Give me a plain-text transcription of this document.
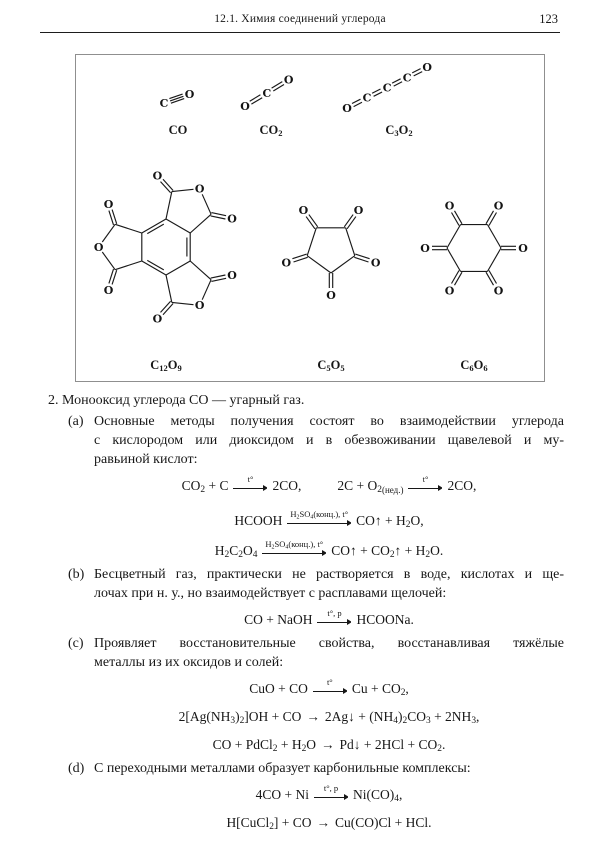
12.1. Химия соединений углерода	123
C
O
O
C
O
O
C
C
C
O
O
O
O
O
O
O
O
O
O
O
O
O
O
O
O
O
O
O
O	O
CO	$CO_2$	$C_3O_2$
$C_{12}O_9$	$C_5O_5$	$C_6O_6$
2. Монооксид углерода CO — угарный газ.
(a) Основные методы получения состоят во взаимодействии углерода
с кислородом или диоксидом и в обезвоживании щавелевой и му-
равьиной кислот:
$CO_2 + C$	t°	2CO,	$2C + O_{2(нед.)}$
t°	2CO,
HCOOH $H_2SO_4(конц.)$, t° CO↑ + $H_2O$,
$H_2C_2O_4$
$H_2SO_4(конц.)$, t° CO↑ + $CO_2↑ + H_2O$.
(b) Бесцветный газ, практически не растворяется в воде, кислотах и ще-
лочах при н. у., но взаимодействует с расплавами щелочей:
CO + NaOH	t°, p	HCOONa.
(c) Проявляет восстановительные свойства, восстанавливая тяжёлые
металлы из их оксидов и солей:
CuO + CO	t°	$Cu + CO_2$,
$2[Ag(NH_3)_2]OH$ + CO → 2Ag↓ + $(NH_4)_2CO_3 + 2NH_3$,
CO + PdCl$_2$ + $H_2O$ → Pd↓ + $2HCl + CO_2$.
(d) С переходными металлами образует карбонильные комплексы:
4CO + Ni	t°, p	$Ni(CO)_4$,
H[CuCl$_2$] + CO → Cu(CO)Cl + HCl.
